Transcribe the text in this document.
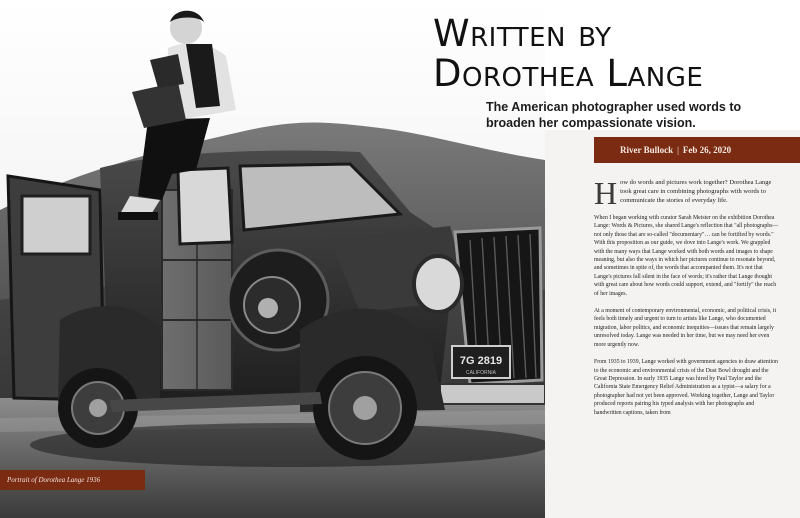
7G 2819
CALIFORNIA
Portrait of Dorothea Lange 1936
Written by
Dorothea Lange

The American photographer used words to broaden her compassionate vision.

River Bullock | Feb 26, 2020

How do words and pictures work together? Dorothea Lange took great care in combining photographs with words to communicate the stories of everyday life.

When I began working with curator Sarah Meister on the exhibition Dorothea Lange: Words & Pictures, she shared Lange's reflection that "all photographs—not only those that are so-called "documentary"… can be fortified by words." With this proposition as our guide, we dove into Lange's work. We grappled with the many ways that Lange worked with both words and images to shape meaning, but also the ways in which her pictures continue to resonate beyond, and sometimes in spite of, the words that accompanied them. It's not that Lange's pictures fall silent in the face of words; it's rather that Lange thought with great care about how words could support, extend, and "fortify" the reach of her images.

At a moment of contemporary environmental, economic, and political crisis, it feels both timely and urgent to turn to artists like Lange, who documented migration, labor politics, and economic inequities—issues that remain largely unresolved today. Lange was needed in her time, but we may need her even more urgently now.

From 1935 to 1939, Lange worked with government agencies to draw attention to the economic and environmental crisis of the Dust Bowl drought and the Great Depression. In early 1935 Lange was hired by Paul Taylor and the California State Emergency Relief Administration as a typist—a salary for a photographer had not yet been approved. Working together, Lange and Taylor produced reports pairing his typed analysis with her photographs and handwritten captions, taken from
